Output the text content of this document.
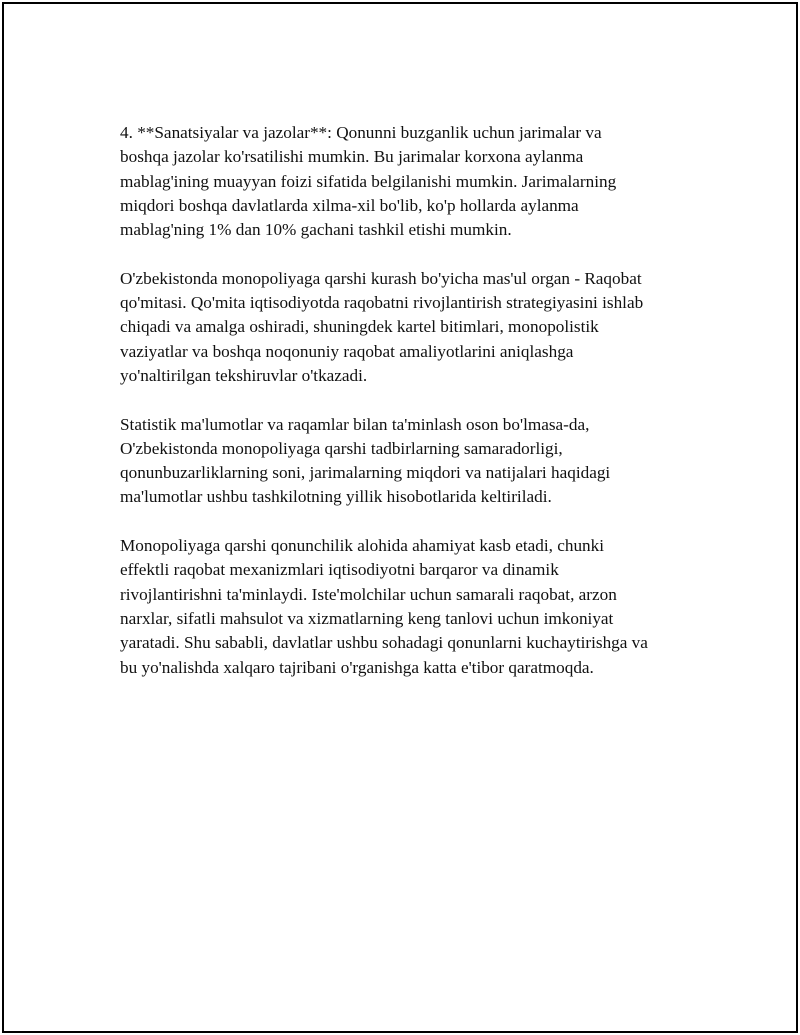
4. **Sanatsiyalar va jazolar**: Qonunni buzganlik uchun jarimalar va
boshqa jazolar ko'rsatilishi mumkin. Bu jarimalar korxona aylanma
mablag'ining muayyan foizi sifatida belgilanishi mumkin. Jarimalarning
miqdori boshqa davlatlarda xilma-xil bo'lib, ko'p hollarda aylanma
mablag'ning 1% dan 10% gachani tashkil etishi mumkin.

O'zbekistonda monopoliyaga qarshi kurash bo'yicha mas'ul organ - Raqobat
qo'mitasi. Qo'mita iqtisodiyotda raqobatni rivojlantirish strategiyasini ishlab
chiqadi va amalga oshiradi, shuningdek kartel bitimlari, monopolistik
vaziyatlar va boshqa noqonuniy raqobat amaliyotlarini aniqlashga
yo'naltirilgan tekshiruvlar o'tkazadi.

Statistik ma'lumotlar va raqamlar bilan ta'minlash oson bo'lmasa-da,
O'zbekistonda monopoliyaga qarshi tadbirlarning samaradorligi,
qonunbuzarliklarning soni, jarimalarning miqdori va natijalari haqidagi
ma'lumotlar ushbu tashkilotning yillik hisobotlarida keltiriladi.

Monopoliyaga qarshi qonunchilik alohida ahamiyat kasb etadi, chunki
effektli raqobat mexanizmlari iqtisodiyotni barqaror va dinamik
rivojlantirishni ta'minlaydi. Iste'molchilar uchun samarali raqobat, arzon
narxlar, sifatli mahsulot va xizmatlarning keng tanlovi uchun imkoniyat
yaratadi. Shu sababli, davlatlar ushbu sohadagi qonunlarni kuchaytirishga va
bu yo'nalishda xalqaro tajribani o'rganishga katta e'tibor qaratmoqda.
